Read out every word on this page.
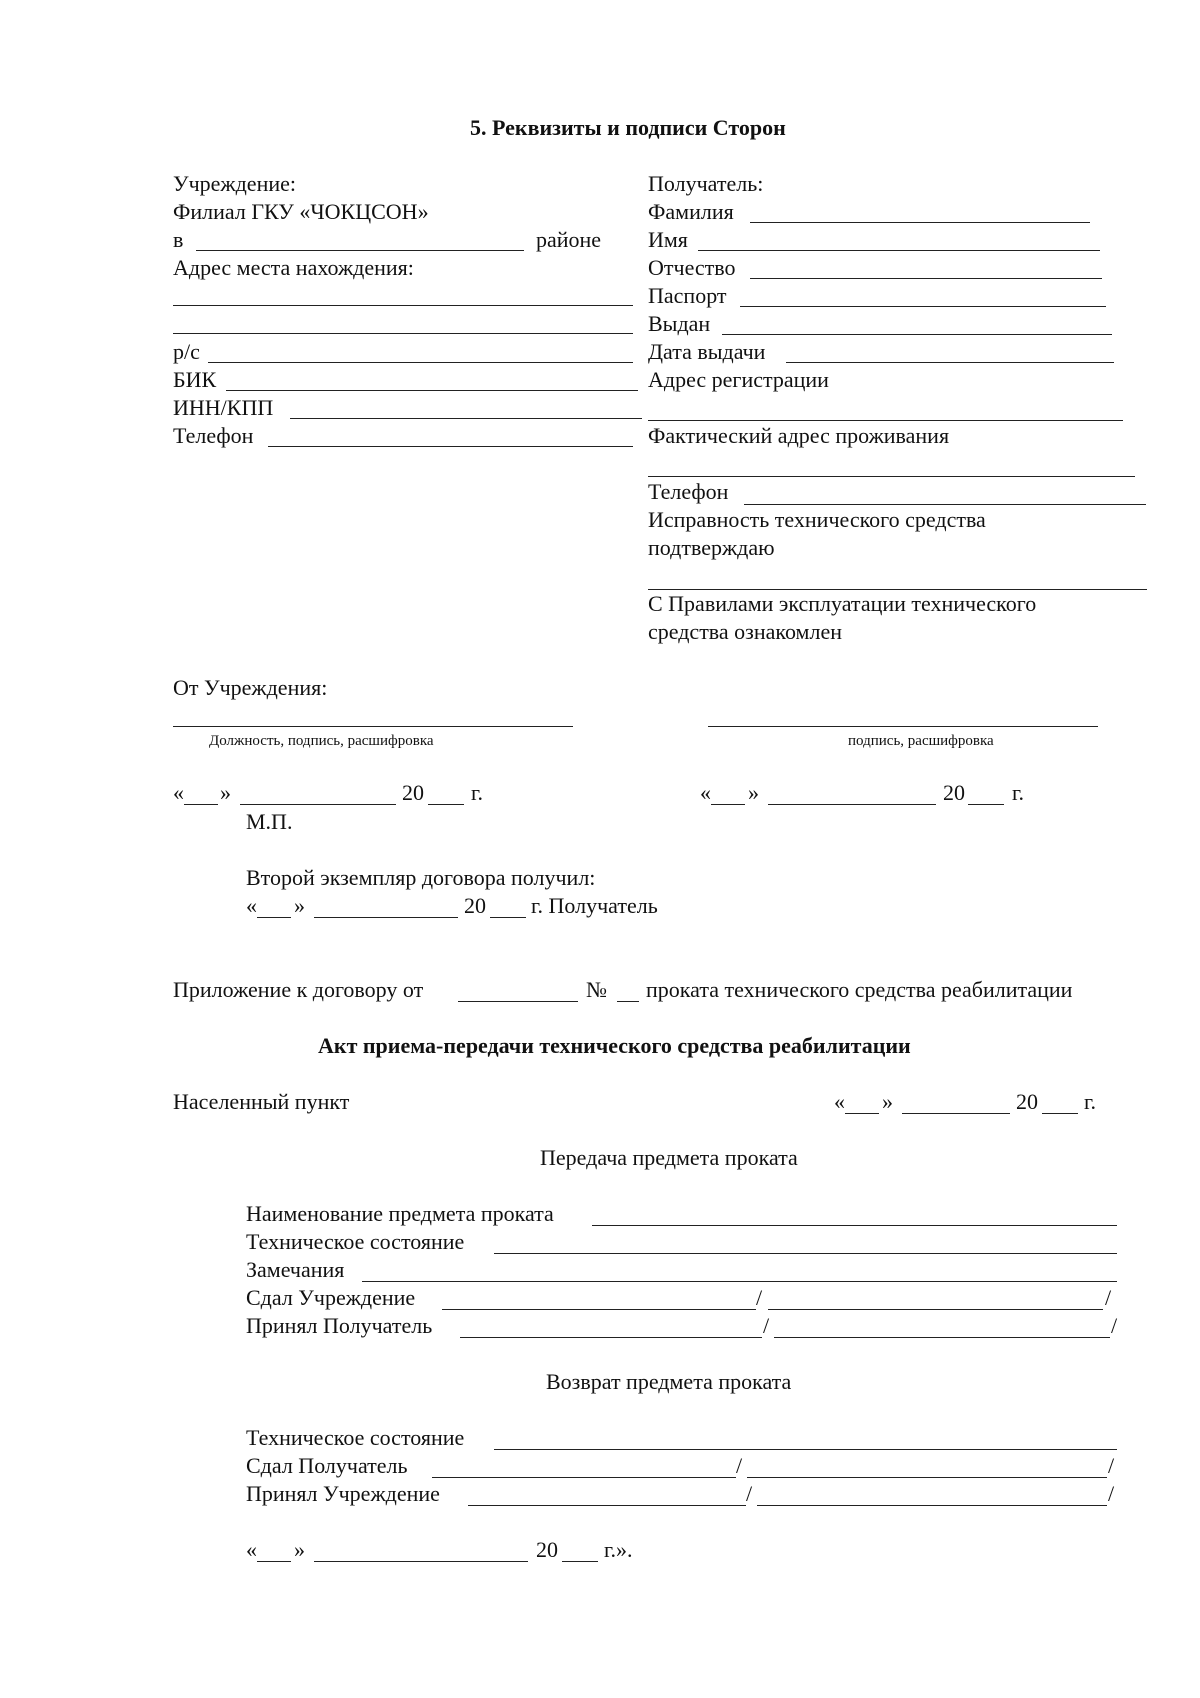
5. Реквизиты и подписи Сторон
Учреждение:
Филиал ГКУ «ЧОКЦСОН»
в	районе
Адрес места нахождения:
р/с
БИК
ИНН/КПП
Телефон
Получатель:
Фамилия
Имя
Отчество
Паспорт
Выдан
Дата выдачи
Адрес регистрации
Фактический адрес проживания
Телефон
Исправность технического средства
подтверждаю
С Правилами эксплуатации технического
средства ознакомлен
От Учреждения:
Должность, подпись, расшифровка	подпись, расшифровка
« »	20 г.	« »	20 г.
М.П.
Второй экземпляр договора получил:
« »	20 г. Получатель
Приложение к договору от	№ проката технического средства реабилитации
Акт приема-передачи технического средства реабилитации
Населенный пункт	« »	20 г.
Передача предмета проката
Наименование предмета проката
Техническое состояние
Замечания
Сдал Учреждение	/	/
Принял Получатель	/	/
Возврат предмета проката
Техническое состояние
Сдал Получатель	/	/
Принял Учреждение	/	/
« »	20 г.».
